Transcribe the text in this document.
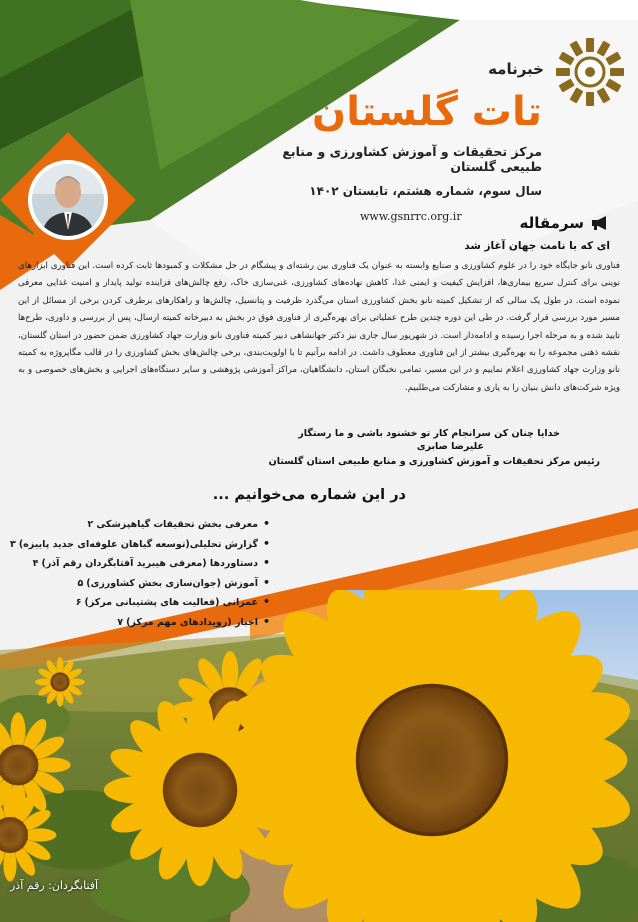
خبرنامه
تات گلستان
مرکز تحقیقات و آموزش کشاورزی و منابع طبیعی گلستان
سال سوم، شماره هشتم، تابستان ۱۴۰۲
www.gsnrrc.org.ir	سرمقاله
ای که با نامت جهان آغاز شد

فناوری نانو جایگاه خود را در علوم کشاورزی و صنایع وابسته به عنوان یک فناوری بین رشته‌ای و پیشگام در حل مشکلات و کمبودها ثابت کرده است. این فناوری ابزارهای نوینی برای کنترل سریع بیماری‌ها، افزایش کیفیت و ایمنی غذا، کاهش نهاده‌های کشاورزی، غنی‌سازی خاک، رفع چالش‌های فزاینده تولید پایدار و امنیت غذایی معرفی نموده است. در طول یک سالی که از تشکیل کمیته نانو بخش کشاورزی استان می‌گذرد ظرفیت و پتانسیل، چالش‌ها و راهکارهای برطرف کردن برخی از مسائل از این مسیر مورد بررسی قرار گرفت. در طی این دوره چندین طرح عملیاتی برای بهره‌گیری از فناوری فوق در بخش به دبیرخانه کمیته ارسال، پس از بررسی و داوری، طرح‌ها تایید شده و به مرحله اجرا رسیده و ادامه‌دار است. در شهریور سال جاری نیز دکتر جهانشاهی دبیر کمیته فناوری نانو وزارت جهاد کشاورزی ضمن حضور در استان گلستان، نقشه ذهنی مجموعه را به بهره‌گیری بیشتر از این فناوری معطوف داشت. در ادامه برآنیم تا با اولویت‌بندی، برخی چالش‌های بخش کشاورزی را در قالب مگاپروژه به کمیته نانو وزارت جهاد کشاورزی اعلام نماییم و در این مسیر، تمامی نخبگان استان، دانشگاهیان، مراکز آموزشی پژوهشی و سایر دستگاه‌های اجرایی و بخش‌های خصوصی و به ویژه شرکت‌های دانش بنیان را به یاری و مشارکت می‌طلبیم.

خدایا چنان کن سرانجام کار تو خشنود باشی و ما رستگار
علیرضا صابری
رئیس مرکز تحقیقات و آموزش کشاورزی و منابع طبیعی استان گلستان
در این شماره می‌خوانیم ...
• معرفی بخش تحقیقات گیاهپزشکی۲
• گزارش تحلیلی(توسعه گیاهان علوفه‌ای جدید پاییزه)۳
• دستاوردها (معرفی هیبرید آفتابگردان رقم آذر)۴
• آموزش (جوان‌سازی بخش کشاورزی)۵
• عمرانی (فعالیت های پشتیبانی مرکز)۶
• اخبار (رویدادهای مهم مرکز)۷
آفتابگردان: رقم آذر
